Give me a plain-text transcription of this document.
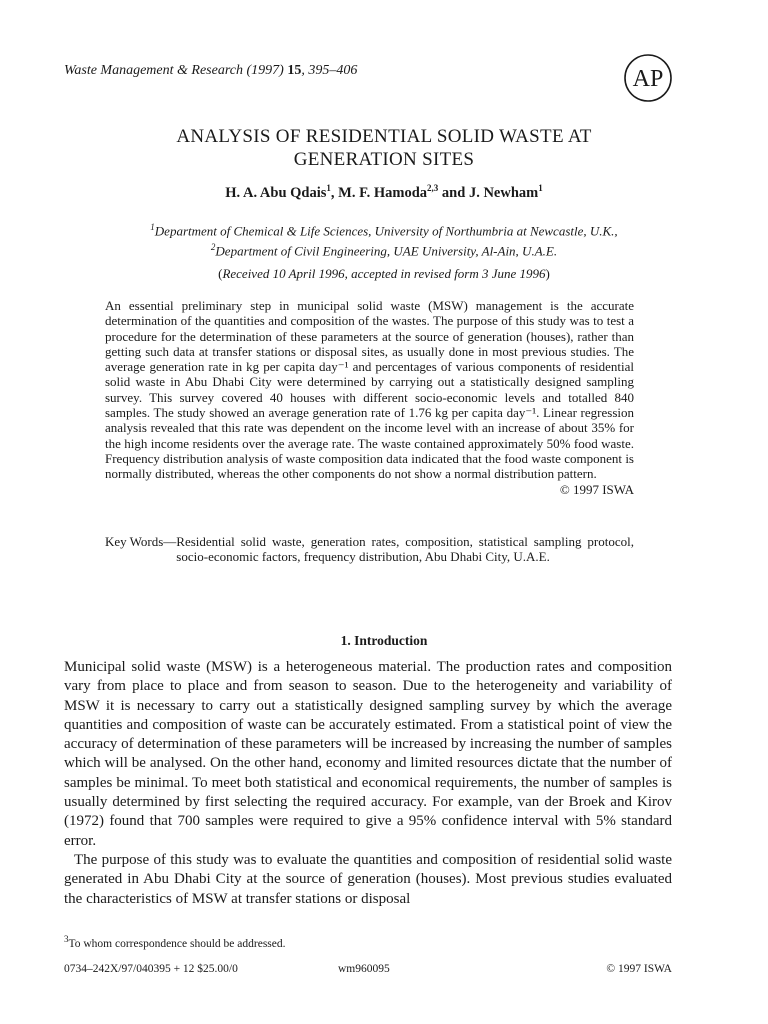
Waste Management & Research (1997) 15, 395–406	AP
ANALYSIS OF RESIDENTIAL SOLID WASTE AT
GENERATION SITES
H. A. Abu Qdais$^1$, M. F. Hamoda$^{2,3}$ and J. Newham$^1$
$^1$Department of Chemical & Life Sciences, University of Northumbria at Newcastle, U.K.,
$^2$Department of Civil Engineering, UAE University, Al-Ain, U.A.E.
(Received 10 April 1996, accepted in revised form 3 June 1996)
An essential preliminary step in municipal solid waste (MSW) management is the accurate determination of the quantities and composition of the wastes. The purpose of this study was to test a procedure for the determination of these parameters at the source of generation (houses), rather than getting such data at transfer stations or disposal sites, as usually done in most previous studies. The average generation rate in kg per capita day⁻¹ and percentages of various components of residential solid waste in Abu Dhabi City were determined by carrying out a statistically designed sampling survey. This survey covered 40 houses with different socio-economic levels and totalled 840 samples. The study showed an average generation rate of 1.76 kg per capita day⁻¹. Linear regression analysis revealed that this rate was dependent on the income level with an increase of about 35% for the high income residents over the average rate. The waste contained approximately 50% food waste. Frequency distribution analysis of waste composition data indicated that the food waste component is normally distributed, whereas the other components do not show a normal distribution pattern.
© 1997 ISWA
Key Words— Residential solid waste, generation rates, composition, statistical sampling protocol, socio-economic factors, frequency distribution, Abu Dhabi City, U.A.E.
1. Introduction

Municipal solid waste (MSW) is a heterogeneous material. The production rates and composition vary from place to place and from season to season. Due to the heterogeneity and variability of MSW it is necessary to carry out a statistically designed sampling survey by which the average quantities and composition of waste can be accurately estimated. From a statistical point of view the accuracy of determination of these parameters will be increased by increasing the number of samples which will be analysed. On the other hand, economy and limited resources dictate that the number of samples be minimal. To meet both statistical and economical requirements, the number of samples is usually determined by first selecting the required accuracy. For example, van der Broek and Kirov (1972) found that 700 samples were required to give a 95% confidence interval with 5% standard error.

The purpose of this study was to evaluate the quantities and composition of residential solid waste generated in Abu Dhabi City at the source of generation (houses). Most previous studies evaluated the characteristics of MSW at transfer stations or disposal

$^3$To whom correspondence should be addressed.
0734–242X/97/040395 + 12 $25.00/0	wm960095	© 1997 ISWA
